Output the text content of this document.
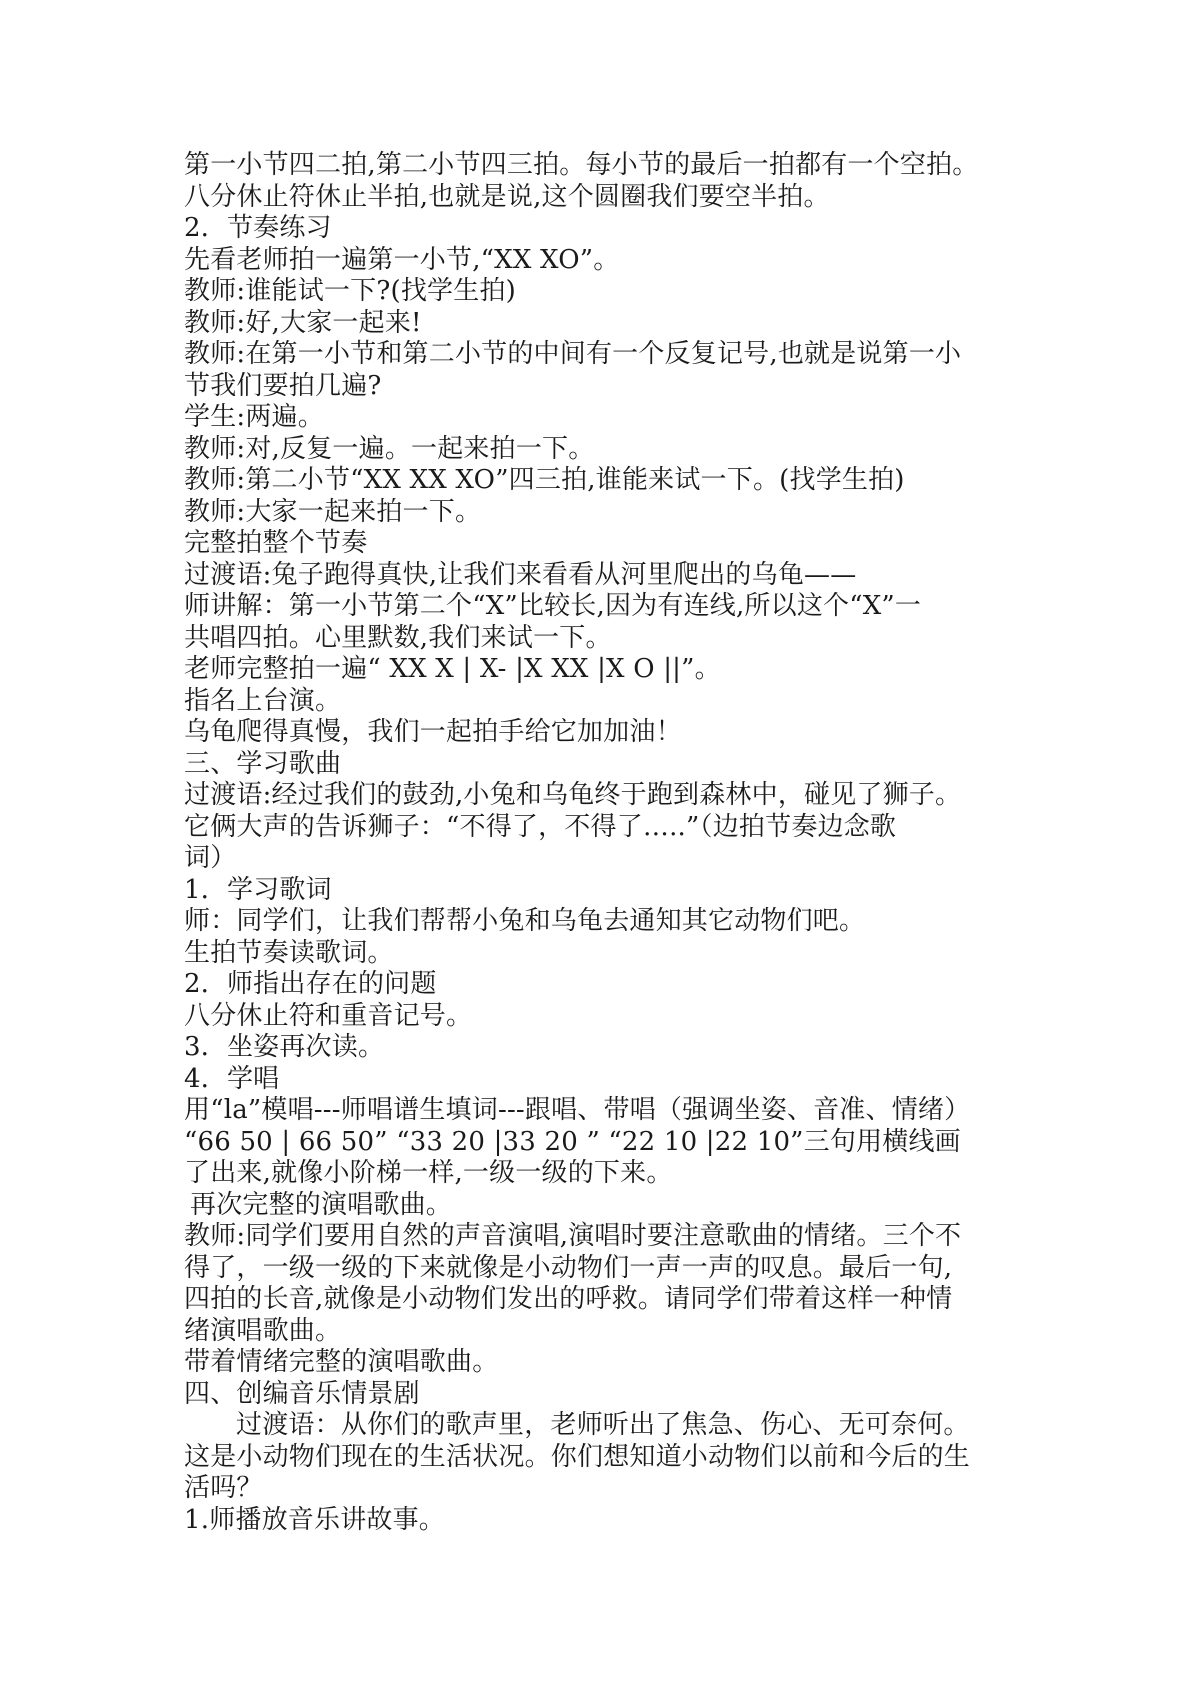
第一小节四二拍,第二小节四三拍。每小节的最后一拍都有一个空拍。
八分休止符休止半拍,也就是说,这个圆圈我们要空半拍。
2．节奏练习
先看老师拍一遍第一小节,“XX XO”。
教师:谁能试一下?(找学生拍)
教师:好,大家一起来!
教师:在第一小节和第二小节的中间有一个反复记号,也就是说第一小
节我们要拍几遍?
学生:两遍。
教师:对,反复一遍。一起来拍一下。
教师:第二小节“XX XX XO”四三拍,谁能来试一下。(找学生拍)
教师:大家一起来拍一下。
完整拍整个节奏
过渡语:兔子跑得真快,让我们来看看从河里爬出的乌龟——
师讲解：第一小节第二个“X”比较长,因为有连线,所以这个“X”一
共唱四拍。心里默数,我们来试一下。
老师完整拍一遍“ XX X | X- |X XX |X O ||”。
指名上台演。
乌龟爬得真慢，我们一起拍手给它加加油！
三、学习歌曲
过渡语:经过我们的鼓劲,小兔和乌龟终于跑到森林中，碰见了狮子。
它俩大声的告诉狮子：“不得了，不得了…..”（边拍节奏边念歌
词）
1．学习歌词
师：同学们，让我们帮帮小兔和乌龟去通知其它动物们吧。
生拍节奏读歌词。
2．师指出存在的问题
八分休止符和重音记号。
3．坐姿再次读。
4．学唱
用“la”模唱---师唱谱生填词---跟唱、带唱（强调坐姿、音准、情绪）
“66 50 | 66 50” “33 20 |33 20 ” “22 10 |22 10”三句用横线画
了出来,就像小阶梯一样,一级一级的下来。
再次完整的演唱歌曲。
教师:同学们要用自然的声音演唱,演唱时要注意歌曲的情绪。三个不
得了，一级一级的下来就像是小动物们一声一声的叹息。最后一句,
四拍的长音,就像是小动物们发出的呼救。请同学们带着这样一种情
绪演唱歌曲。
带着情绪完整的演唱歌曲。
四、创编音乐情景剧
过渡语：从你们的歌声里，老师听出了焦急、伤心、无可奈何。
这是小动物们现在的生活状况。你们想知道小动物们以前和今后的生
活吗？
1.师播放音乐讲故事。
